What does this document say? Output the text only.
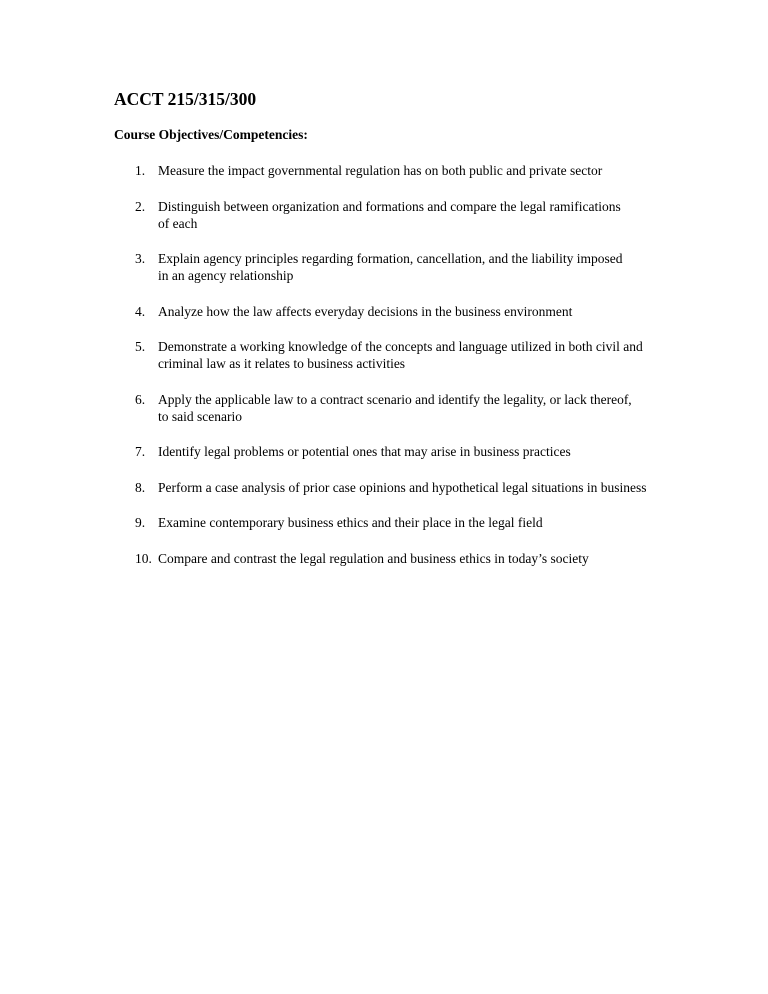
ACCT 215/315/300
Course Objectives/Competencies:
1. Measure the impact governmental regulation has on both public and private sector
2. Distinguish between organization and formations and compare the legal ramifications of each
3. Explain agency principles regarding formation, cancellation, and the liability imposed in an agency relationship
4. Analyze how the law affects everyday decisions in the business environment
5. Demonstrate a working knowledge of the concepts and language utilized in both civil and criminal law as it relates to business activities
6. Apply the applicable law to a contract scenario and identify the legality, or lack thereof, to said scenario
7. Identify legal problems or potential ones that may arise in business practices
8. Perform a case analysis of prior case opinions and hypothetical legal situations in business
9. Examine contemporary business ethics and their place in the legal field
10. Compare and contrast the legal regulation and business ethics in today’s society
